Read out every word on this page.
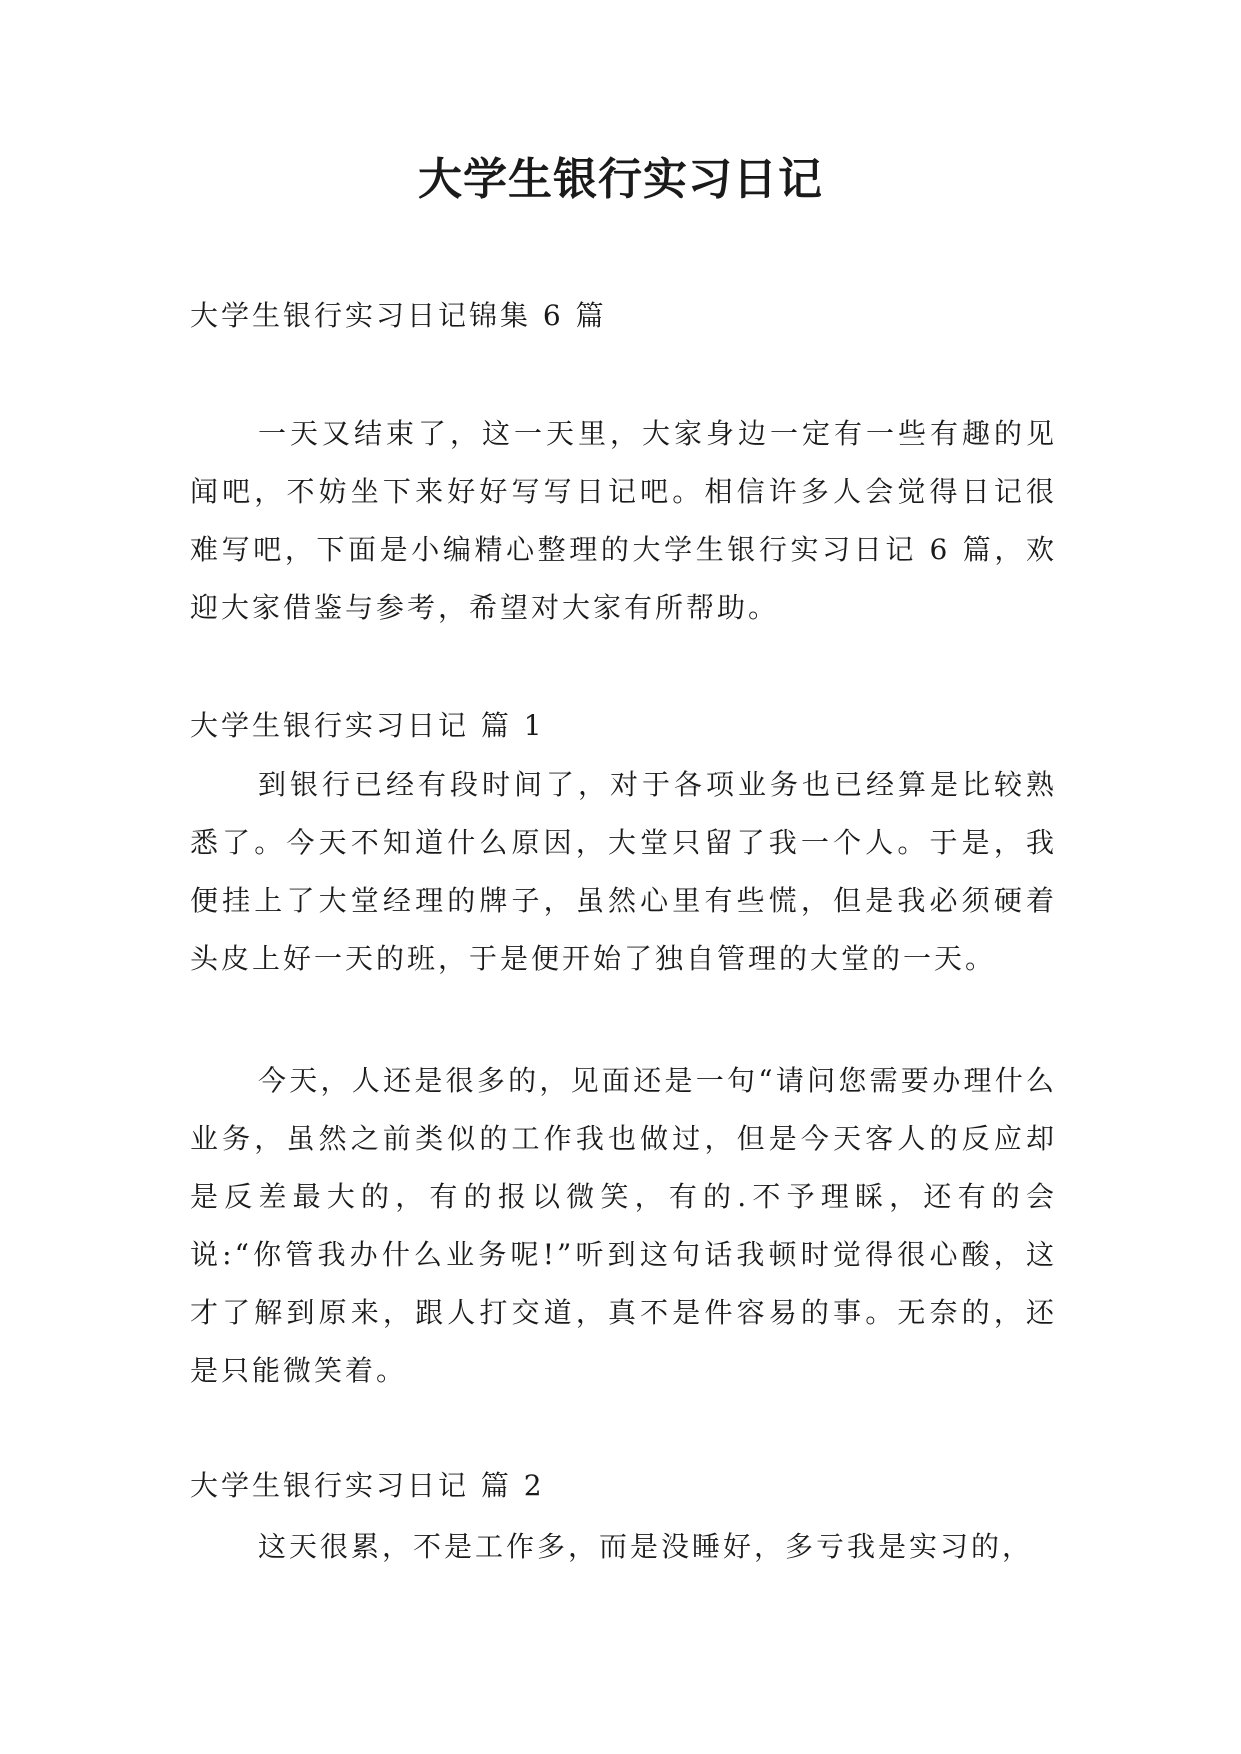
大学生银行实习日记

大学生银行实习日记锦集 6 篇

一天又结束了，这一天里，大家身边一定有一些有趣的见闻吧，不妨坐下来好好写写日记吧。相信许多人会觉得日记很难写吧，下面是小编精心整理的大学生银行实习日记 6 篇，欢迎大家借鉴与参考，希望对大家有所帮助。

大学生银行实习日记 篇 1

到银行已经有段时间了，对于各项业务也已经算是比较熟悉了。今天不知道什么原因，大堂只留了我一个人。于是，我便挂上了大堂经理的牌子，虽然心里有些慌，但是我必须硬着头皮上好一天的班，于是便开始了独自管理的大堂的一天。

今天，人还是很多的，见面还是一句“请问您需要办理什么业务，虽然之前类似的工作我也做过，但是今天客人的反应却是反差最大的，有的报以微笑，有的.不予理睬，还有的会说:“你管我办什么业务呢!”听到这句话我顿时觉得很心酸，这才了解到原来，跟人打交道，真不是件容易的事。无奈的，还是只能微笑着。

大学生银行实习日记 篇 2

这天很累，不是工作多，而是没睡好，多亏我是实习的，
